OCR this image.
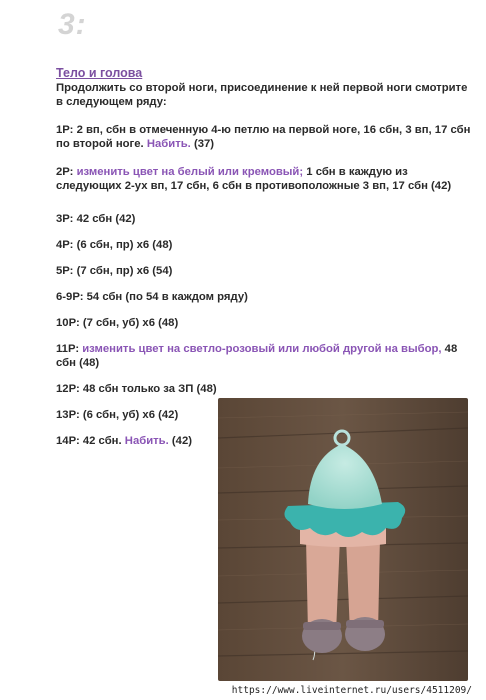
3:
Тело и голова

Продолжить со второй ноги, присоединение к ней первой ноги смотрите в следующем ряду:

1Р: 2 вп, сбн в отмеченную 4-ю петлю на первой ноге, 16 сбн, 3 вп, 17 сбн по второй ноге. Набить. (37)

2Р: изменить цвет на белый или кремовый; 1 сбн в каждую из следующих 2-ух вп, 17 сбн, 6 сбн в противоположные 3 вп, 17 сбн (42)

3Р: 42 сбн (42)

4Р: (6 сбн, пр) х6 (48)

5Р: (7 сбн, пр) х6 (54)

6-9Р: 54 сбн (по 54 в каждом ряду)

10Р: (7 сбн, уб) х6 (48)

11Р: изменить цвет на светло-розовый или любой другой на выбор, 48 сбн (48)

12Р: 48 сбн только за ЗП (48)

13Р: (6 сбн, уб) х6 (42)

14Р: 42 сбн. Набить. (42)

https://www.liveinternet.ru/users/4511209/
